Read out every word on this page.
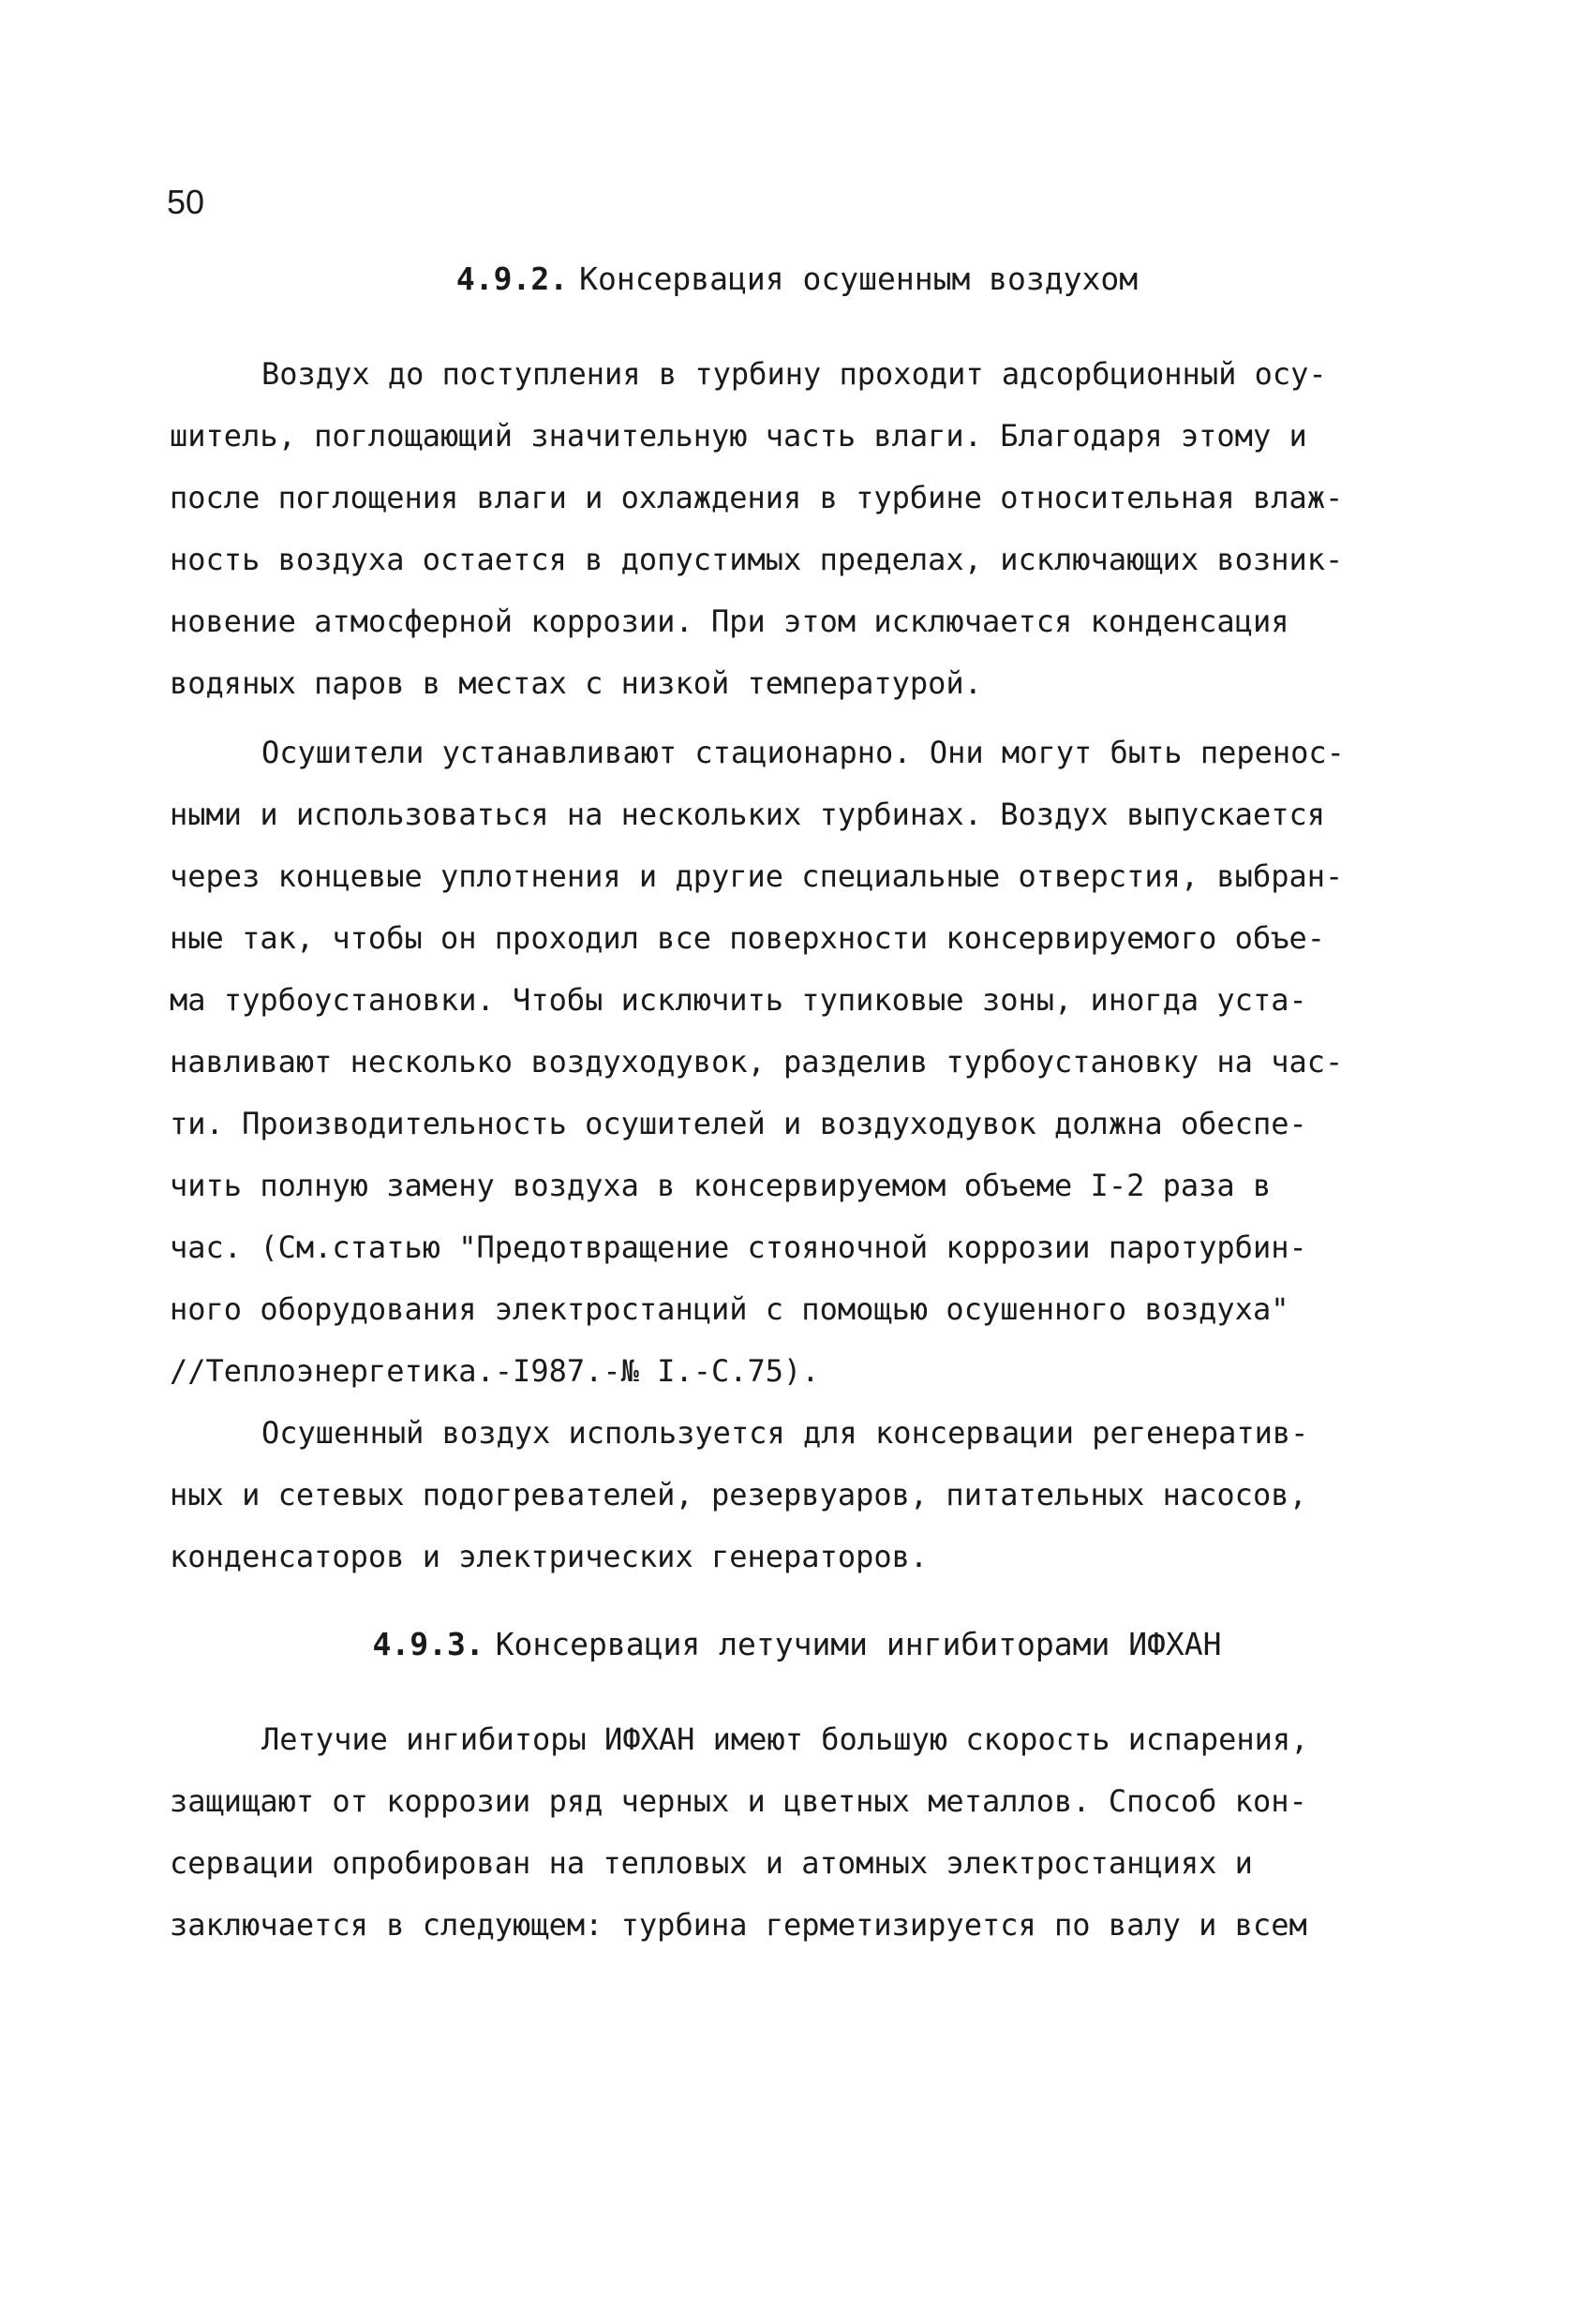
50
4.9.2. Консервация осушенным воздухом
Воздух до поступления в турбину проходит адсорбционный осу-
шитель, поглощающий значительную часть влаги. Благодаря этому и
после поглощения влаги и охлаждения в турбине относительная влаж-
ность воздуха остается в допустимых пределах, исключающих возник-
новение атмосферной коррозии. При этом исключается конденсация
водяных паров в местах с низкой температурой.
Осушители устанавливают стационарно. Они могут быть перенос-
ными и использоваться на нескольких турбинах. Воздух выпускается
через концевые уплотнения и другие специальные отверстия, выбран-
ные так, чтобы он проходил все поверхности консервируемого объе-
ма турбоустановки. Чтобы исключить тупиковые зоны, иногда уста-
навливают несколько воздуходувок, разделив турбоустановку на час-
ти. Производительность осушителей и воздуходувок должна обеспе-
чить полную замену воздуха в консервируемом объеме I-2 раза в
час. (См.статью "Предотвращение стояночной коррозии паротурбин-
ного оборудования электростанций с помощью осушенного воздуха"
//Теплоэнергетика.-I987.-№ I.-С.75).
Осушенный воздух используется для консервации регенератив-
ных и сетевых подогревателей, резервуаров, питательных насосов,
конденсаторов и электрических генераторов.
4.9.3. Консервация летучими ингибиторами ИФХАН
Летучие ингибиторы ИФХАН имеют большую скорость испарения,
защищают от коррозии ряд черных и цветных металлов. Способ кон-
сервации опробирован на тепловых и атомных электростанциях и
заключается в следующем: турбина герметизируется по валу и всем
